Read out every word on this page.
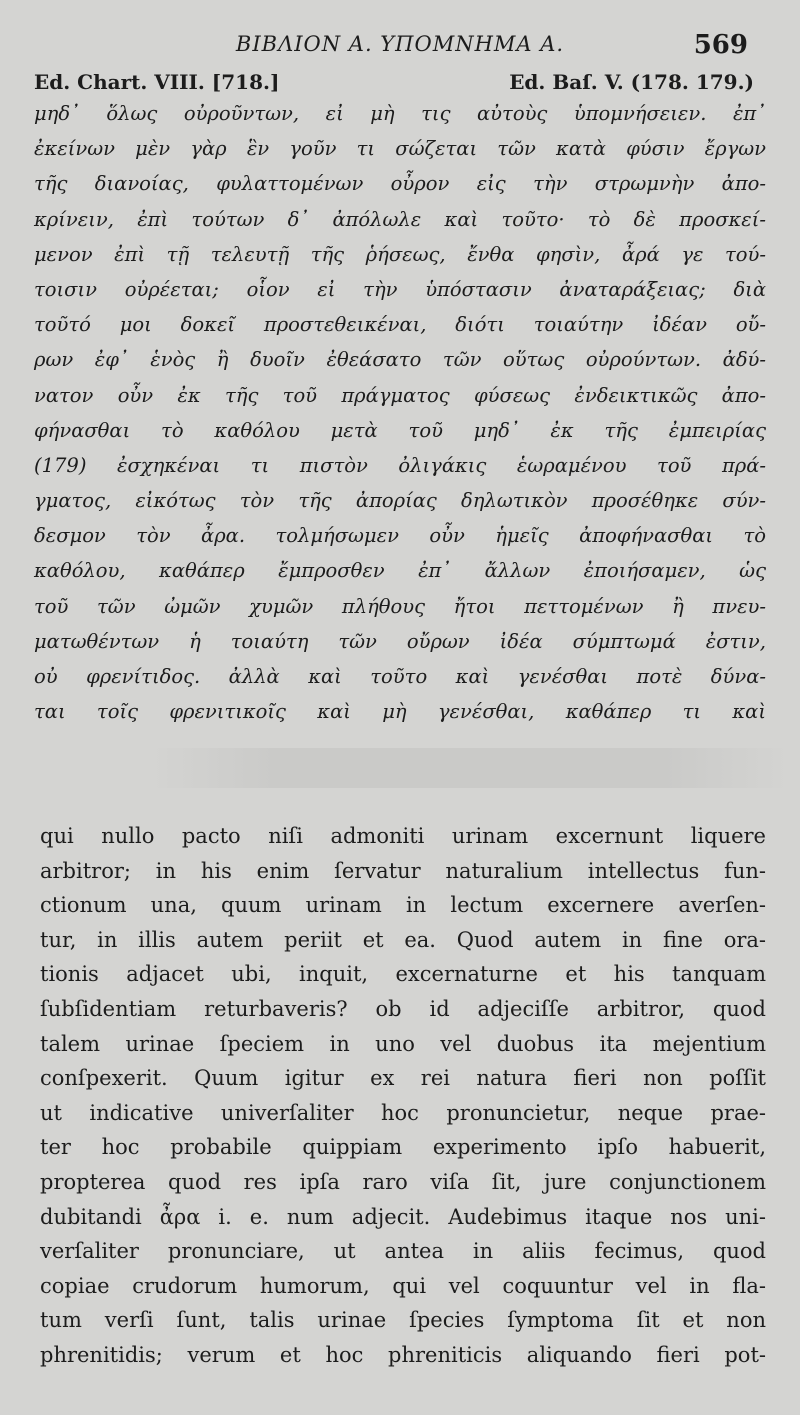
ΒΙΒΛΙΟΝ Α. ΥΠΟΜΝΗΜΑ Α.	569
Ed. Chart. VIII. [718.]	Ed. Baſ. V. (178. 179.)
μηδ᾿ ὅλως οὐροῦντων, εἰ μὴ τις αὐτοὺς ὑπομνήσειεν. ἐπ᾿
ἐκείνων μὲν γὰρ ἓν γοῦν τι σώζεται τῶν κατὰ φύσιν ἔργων
τῆς διανοίας, φυλαττομένων οὖρον εἰς τὴν στρωμνὴν ἀπο-
κρίνειν, ἐπὶ τούτων δ᾿ ἀπόλωλε καὶ τοῦτο· τὸ δὲ προσκεί-
μενον ἐπὶ τῇ τελευτῇ τῆς ῥήσεως, ἔνθα φησὶν, ἆρά γε τού-
τοισιν οὐρέεται; οἷον εἰ τὴν ὑπόστασιν ἀναταράξειας; διὰ
τοῦτό μοι δοκεῖ προστεθεικέναι, διότι τοιαύτην ἰδέαν οὔ-
ρων ἐφ᾿ ἑνὸς ἢ δυοῖν ἐθεάσατο τῶν οὕτως οὐρούντων. ἀδύ-
νατον οὖν ἐκ τῆς τοῦ πράγματος φύσεως ἐνδεικτικῶς ἀπο-
φήνασθαι τὸ καθόλου μετὰ τοῦ μηδ᾿ ἐκ τῆς ἐμπειρίας
(179) ἐσχηκέναι τι πιστὸν ὀλιγάκις ἑωραμένου τοῦ πρά-
γματος, εἰκότως τὸν τῆς ἀπορίας δηλωτικὸν προσέθηκε σύν-
δεσμον τὸν ἆρα. τολμήσωμεν οὖν ἡμεῖς ἀποφήνασθαι τὸ
καθόλου, καθάπερ ἔμπροσθεν ἐπ᾿ ἄλλων ἐποιήσαμεν, ὡς
τοῦ τῶν ὠμῶν χυμῶν πλήθους ἤτοι πεττομένων ἢ πνευ-
ματωθέντων ἡ τοιαύτη τῶν οὔρων ἰδέα σύμπτωμά ἐστιν,
οὐ φρενίτιδος. ἀλλὰ καὶ τοῦτο καὶ γενέσθαι ποτὲ δύνα-
ται τοῖς φρενιτικοῖς καὶ μὴ γενέσθαι, καθάπερ τι καὶ
qui nullo pacto niſi admoniti urinam excernunt liquere
arbitror; in his enim ſervatur naturalium intellectus fun-
ctionum una, quum urinam in lectum excernere averſen-
tur, in illis autem periit et ea. Quod autem in fine ora-
tionis adjacet ubi, inquit, excernaturne et his tanquam
ſubſidentiam returbaveris? ob id adjeciſſe arbitror, quod
talem urinae ſpeciem in uno vel duobus ita mejentium
conſpexerit. Quum igitur ex rei natura fieri non poſſit
ut indicative univerſaliter hoc pronuncietur, neque prae-
ter hoc probabile quippiam experimento ipſo habuerit,
propterea quod res ipſa raro viſa ſit, jure conjunctionem
dubitandi ἆρα i. e. num adjecit. Audebimus itaque nos uni-
verſaliter pronunciare, ut antea in aliis fecimus, quod
copiae crudorum humorum, qui vel coquuntur vel in fla-
tum verſi ſunt, talis urinae ſpecies ſymptoma ſit et non
phrenitidis; verum et hoc phreniticis aliquando fieri pot-
